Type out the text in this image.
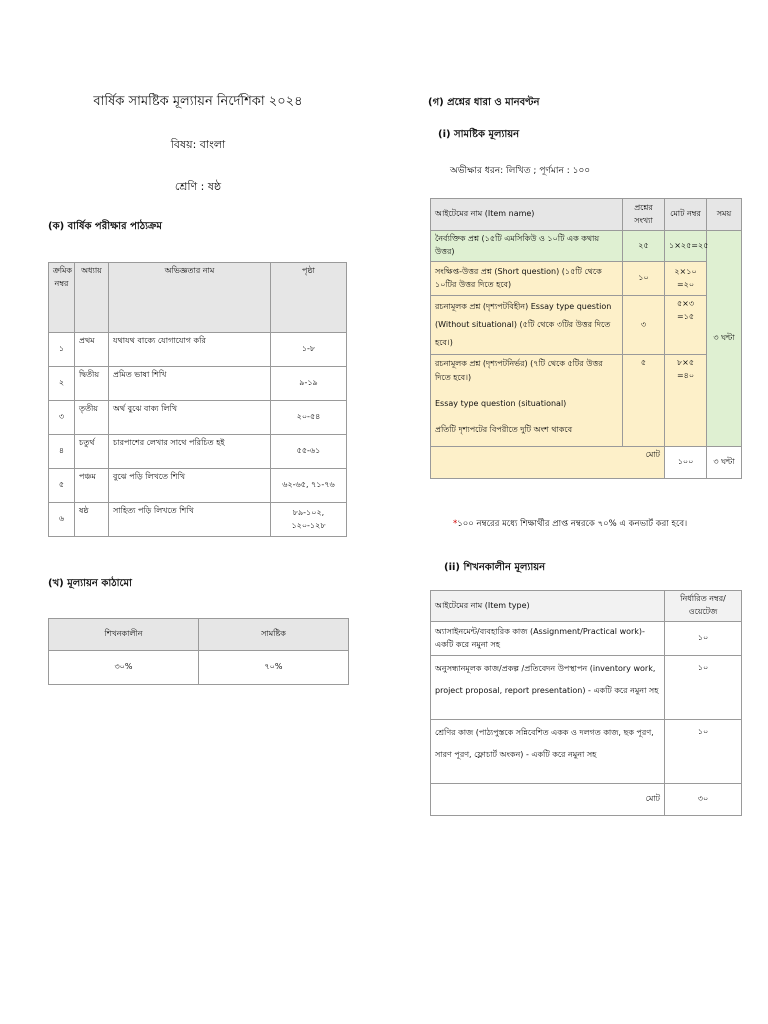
বার্ষিক সামষ্টিক মূল্যায়ন নির্দেশিকা ২০২৪
বিষয়: বাংলা
শ্রেণি : ষষ্ঠ
(ক) বার্ষিক পরীক্ষার পাঠ্যক্রম
ক্রমিক নম্বর	অধ্যায়	অভিজ্ঞতার নাম	পৃষ্ঠা
১	প্রথম	যথাযথ বাক্যে যোগাযোগ করি	১-৮
২	দ্বিতীয়	প্রমিত ভাষা শিখি	৯-১৯
৩	তৃতীয়	অর্থ বুঝে বাক্য লিখি	২০-৫৪
৪	চতুর্থ	চারপাশের লেখার সাথে পরিচিত হই	৫৫-৬১
৫	পঞ্চম	বুঝে পড়ি লিখতে শিখি	৬২-৬৫, ৭১-৭৬
৬	ষষ্ঠ	সাহিত্য পড়ি লিখতে শিখি	৮৯-১০২, ১২০-১২৮
(খ) মূল্যায়ন কাঠামো
শিখনকালীন	সামষ্টিক
৩০%	৭০%
(গ) প্রশ্নের ধারা ও মানবণ্টন
(i) সামষ্টিক মূল্যায়ন
অভীক্ষার ধরন: লিখিত ; পূর্ণমান : ১০০
আইটেমের নাম (Item name)	প্রশ্নের সংখ্যা	মোট নম্বর	সময়
নৈর্ব্যক্তিক প্রশ্ন (১৫টি এমসিকিউ ও ১০টি এক কথায় উত্তর)	২৫	১×২৫=২৫	৩ ঘন্টা
সংক্ষিপ্ত-উত্তর প্রশ্ন (Short question) (১৫টি থেকে ১০টির উত্তর দিতে হবে)	১০	২×১০ =২০	
রচনামূলক প্রশ্ন (দৃশ্যপটবিহীন) Essay type question (Without situational) (৫টি থেকে ৩টির উত্তর দিতে হবে।)	৩	৫×৩ =১৫	

রচনামূলক প্রশ্ন (দৃশ্যপটনির্ভর) (৭টি থেকে ৫টির উত্তর দিতে হবে।)
Essay type question (situational)
প্রতিটি দৃশ্যপটের বিপরীতে দুটি অংশ থাকবে	৫	৮×৫ =৪০	
মোট		১০০	৩ ঘন্টা
*১০০ নম্বরের মধ্যে শিক্ষার্থীর প্রাপ্ত নম্বরকে ৭০% এ কনভার্ট করা হবে।
(ii) শিখনকালীন মূল্যায়ন
আইটেমের নাম (Item type)	নির্ধারিত নম্বর/ওয়েটেজ
অ্যাসাইনমেন্ট/ব্যবহারিক কাজ (Assignment/Practical work)-একটি করে নমুনা সহ	১০
অনুসন্ধানমূলক কাজ/প্রকল্প /প্রতিবেদন উপস্থাপন (inventory work, project proposal, report presentation) - একটি করে নমুনা সহ	১০
শ্রেণির কাজ (পাঠ্যপুস্তকে সন্নিবেশিত একক ও দলগত কাজ, ছক পূরণ, সারণ পূরণ, ফ্লোচার্ট অংকন) - একটি করে নমুনা সহ	১০
মোট	৩০
